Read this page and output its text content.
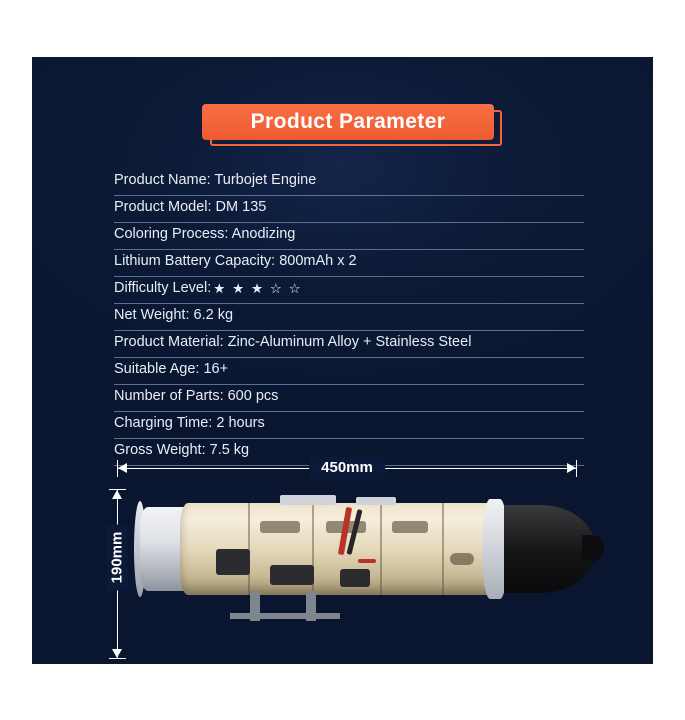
Product Parameter
Product Name: Turbojet Engine
Product Model: DM 135
Coloring Process: Anodizing
Lithium Battery Capacity: 800mAh x 2
Difficulty Level: ★ ★ ★ ☆ ☆
Net Weight: 6.2 kg
Product Material: Zinc-Aluminum Alloy + Stainless Steel
Suitable Age: 16+
Number of Parts: 600 pcs
Charging Time: 2 hours
Gross Weight: 7.5 kg
450mm
190mm
